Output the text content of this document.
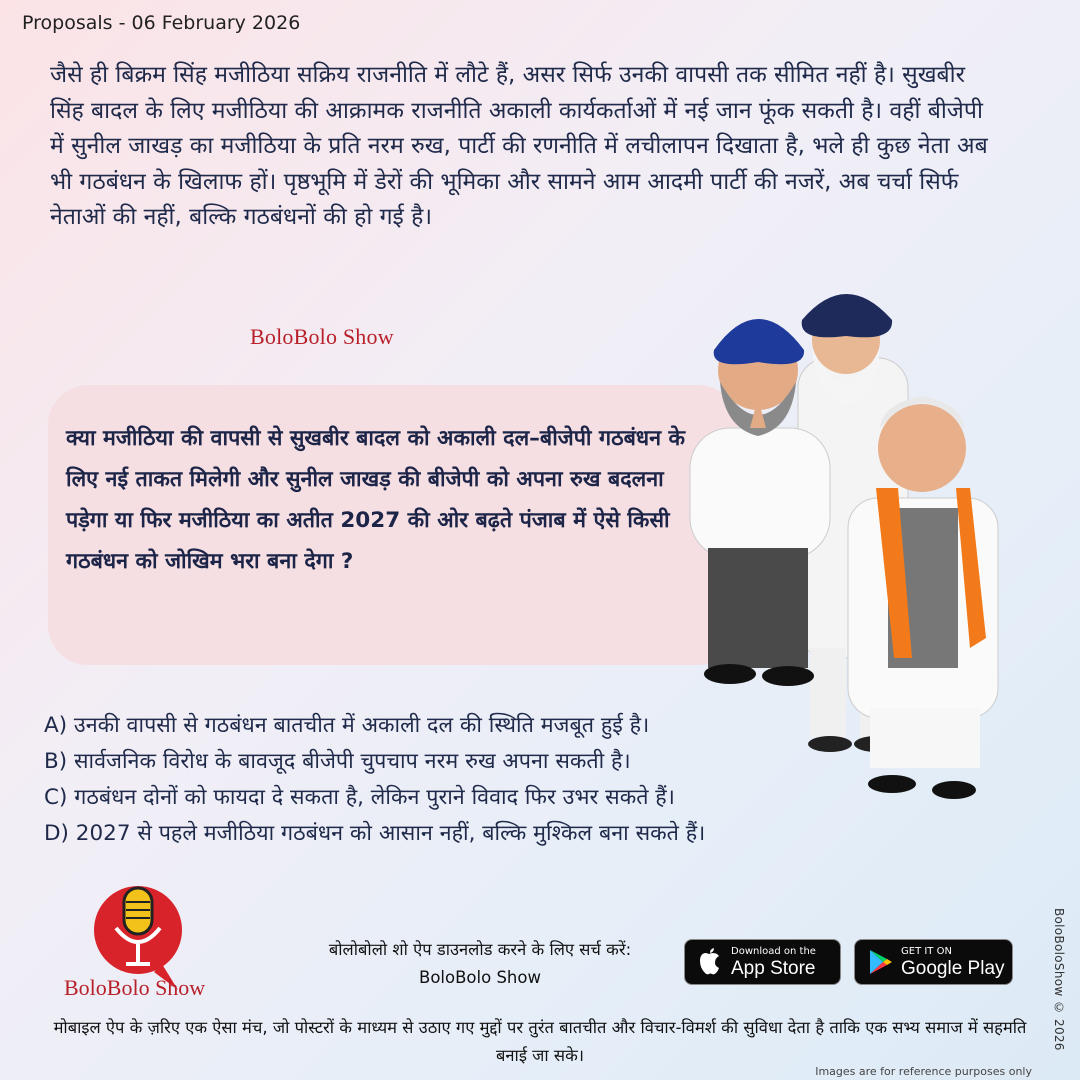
Proposals - 06 February 2026
जैसे ही बिक्रम सिंह मजीठिया सक्रिय राजनीति में लौटे हैं, असर सिर्फ उनकी वापसी तक सीमित नहीं है। सुखबीर सिंह बादल के लिए मजीठिया की आक्रामक राजनीति अकाली कार्यकर्ताओं में नई जान फूंक सकती है। वहीं बीजेपी में सुनील जाखड़ का मजीठिया के प्रति नरम रुख, पार्टी की रणनीति में लचीलापन दिखाता है, भले ही कुछ नेता अब भी गठबंधन के खिलाफ हों। पृष्ठभूमि में डेरों की भूमिका और सामने आम आदमी पार्टी की नजरें, अब चर्चा सिर्फ नेताओं की नहीं, बल्कि गठबंधनों की हो गई है।
BoloBolo Show
क्या मजीठिया की वापसी से सुखबीर बादल को अकाली दल–बीजेपी गठबंधन के लिए नई ताकत मिलेगी और सुनील जाखड़ की बीजेपी को अपना रुख बदलना पड़ेगा या फिर मजीठिया का अतीत 2027 की ओर बढ़ते पंजाब में ऐसे किसी गठबंधन को जोखिम भरा बना देगा ?
A) उनकी वापसी से गठबंधन बातचीत में अकाली दल की स्थिति मजबूत हुई है।
B) सार्वजनिक विरोध के बावजूद बीजेपी चुपचाप नरम रुख अपना सकती है।
C) गठबंधन दोनों को फायदा दे सकता है, लेकिन पुराने विवाद फिर उभर सकते हैं।
D) 2027 से पहले मजीठिया गठबंधन को आसान नहीं, बल्कि मुश्किल बना सकते हैं।
BoloBolo Show
बोलोबोलो शो ऐप डाउनलोड करने के लिए सर्च करें:
BoloBolo Show
Download on the
App Store
GET IT ON
Google Play
मोबाइल ऐप के ज़रिए एक ऐसा मंच, जो पोस्टरों के माध्यम से उठाए गए मुद्दों पर तुरंत बातचीत और विचार-विमर्श की सुविधा देता है ताकि एक सभ्य समाज में सहमति बनाई जा सके।
Images are for reference purposes only
BoloBoloShow © 2026
